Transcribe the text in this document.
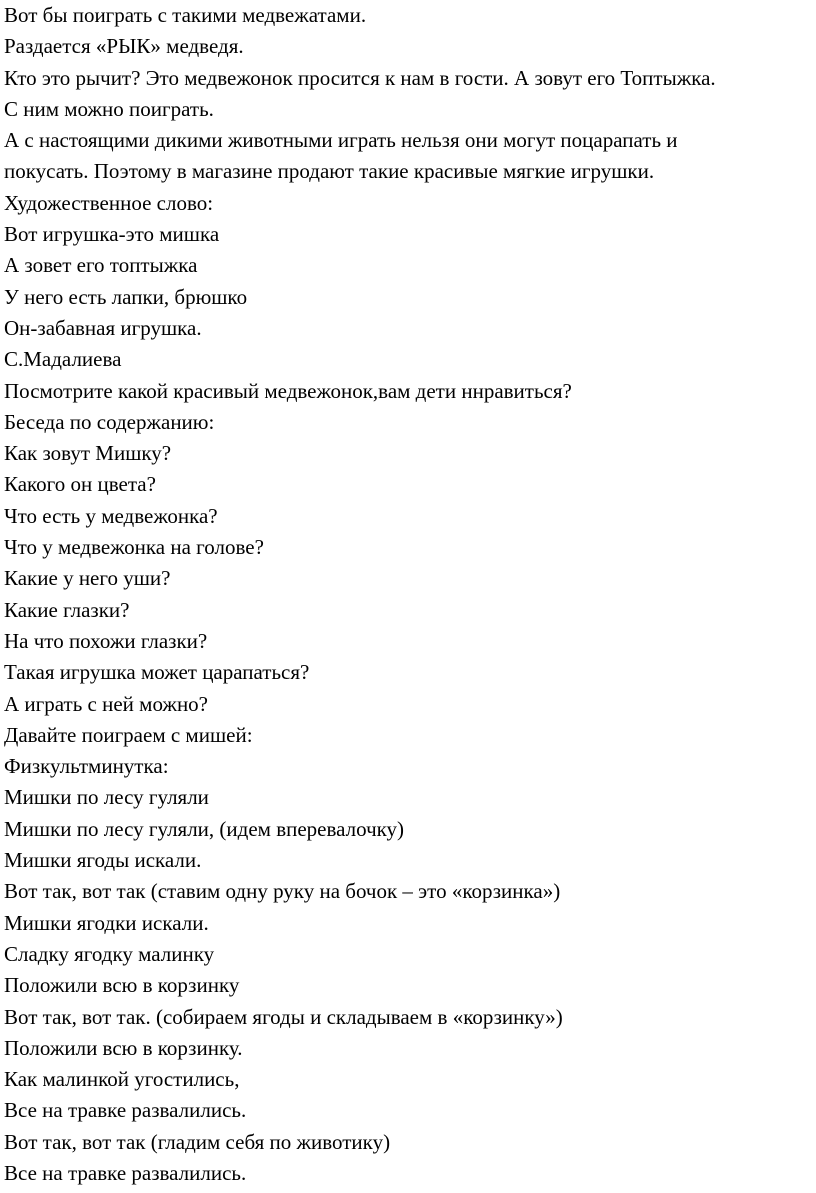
Вот бы поиграть с такими медвежатами.
Раздается «РЫК» медведя.
Кто это рычит? Это медвежонок просится к нам в гости. А зовут его Топтыжка.
С ним можно поиграть.
А с настоящими дикими животными играть нельзя они могут поцарапать и
покусать. Поэтому в магазине продают такие красивые мягкие игрушки.
Художественное слово:
Вот игрушка-это мишка
А зовет его топтыжка
У него есть лапки, брюшко
Он-забавная игрушка.
С.Мадалиева
Посмотрите какой красивый медвежонок,вам дети ннравиться?
Беседа по содержанию:
Как зовут Мишку?
Какого он цвета?
Что есть у медвежонка?
Что у медвежонка на голове?
Какие у него уши?
Какие глазки?
На что похожи глазки?
Такая игрушка может царапаться?
А играть с ней можно?
Давайте поиграем с мишей:
Физкультминутка:
Мишки по лесу гуляли
Мишки по лесу гуляли, (идем вперевалочку)
Мишки ягоды искали.
Вот так, вот так (ставим одну руку на бочок – это «корзинка»)
Мишки ягодки искали.
Сладку ягодку малинку
Положили всю в корзинку
Вот так, вот так. (собираем ягоды и складываем в «корзинку»)
Положили всю в корзинку.
Как малинкой угостились,
Все на травке развалились.
Вот так, вот так (гладим себя по животику)
Все на травке развалились.
